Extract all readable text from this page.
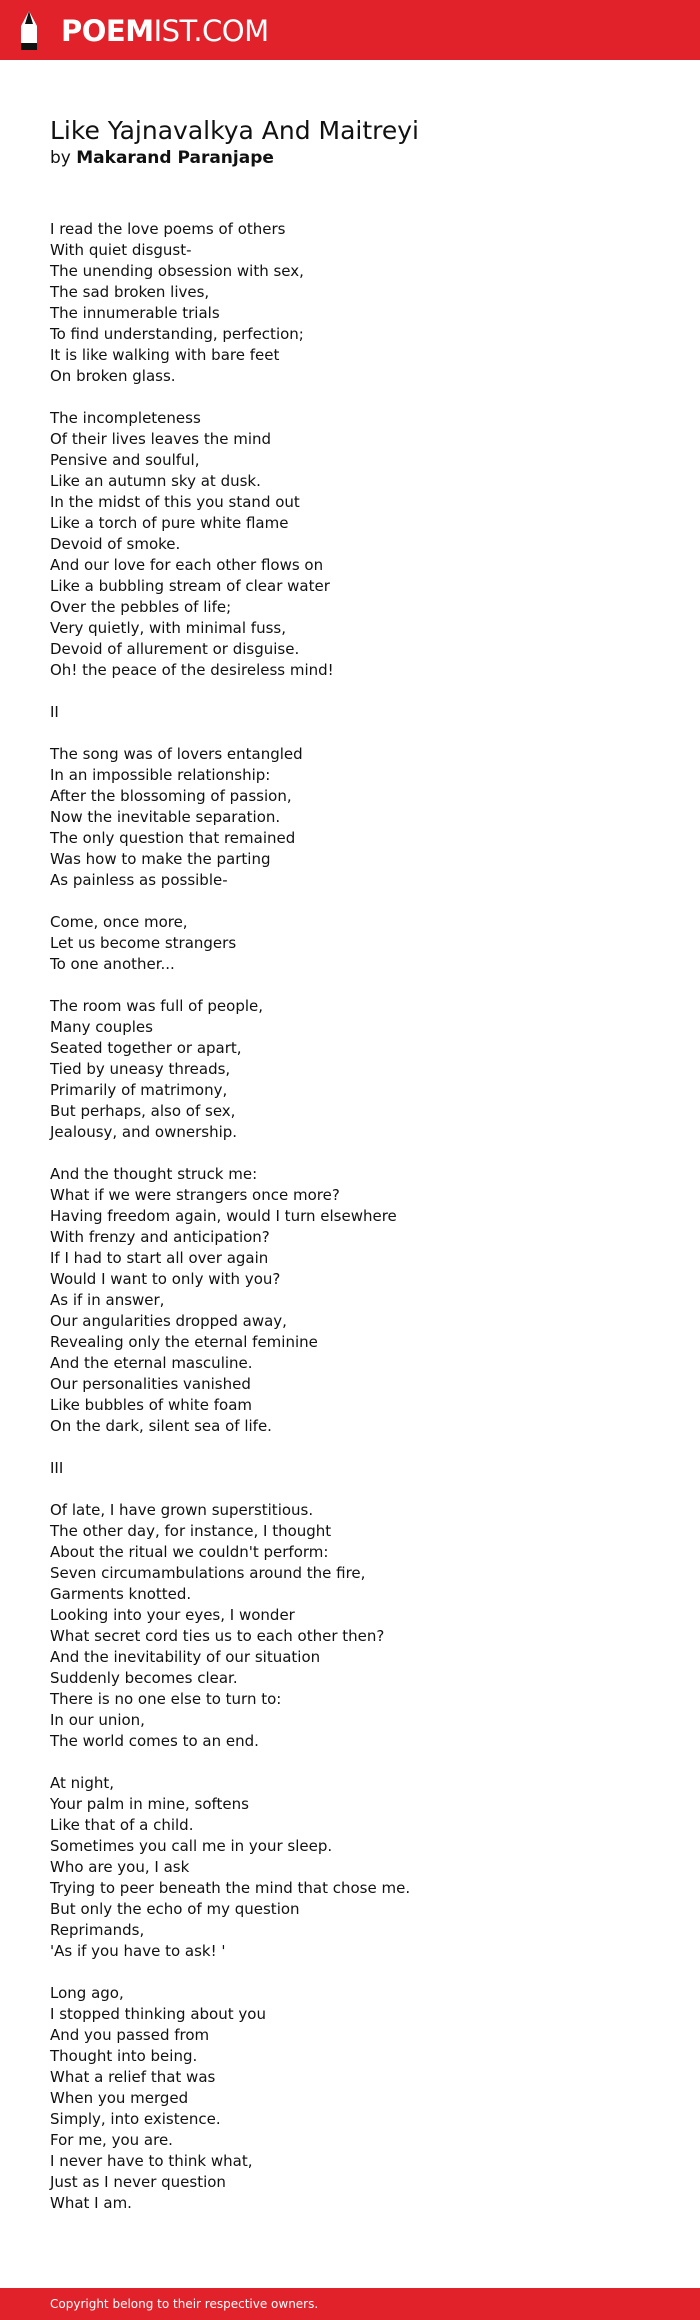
POEMIST.COM
Like Yajnavalkya And Maitreyi
by Makarand Paranjape
I read the love poems of others
With quiet disgust-
The unending obsession with sex,
The sad broken lives,
The innumerable trials
To find understanding, perfection;
It is like walking with bare feet
On broken glass.
The incompleteness
Of their lives leaves the mind
Pensive and soulful,
Like an autumn sky at dusk.
In the midst of this you stand out
Like a torch of pure white flame
Devoid of smoke.
And our love for each other flows on
Like a bubbling stream of clear water
Over the pebbles of life;
Very quietly, with minimal fuss,
Devoid of allurement or disguise.
Oh! the peace of the desireless mind!
II
The song was of lovers entangled
In an impossible relationship:
After the blossoming of passion,
Now the inevitable separation.
The only question that remained
Was how to make the parting
As painless as possible-
Come, once more,
Let us become strangers
To one another...
The room was full of people,
Many couples
Seated together or apart,
Tied by uneasy threads,
Primarily of matrimony,
But perhaps, also of sex,
Jealousy, and ownership.
And the thought struck me:
What if we were strangers once more?
Having freedom again, would I turn elsewhere
With frenzy and anticipation?
If I had to start all over again
Would I want to only with you?
As if in answer,
Our angularities dropped away,
Revealing only the eternal feminine
And the eternal masculine.
Our personalities vanished
Like bubbles of white foam
On the dark, silent sea of life.
III
Of late, I have grown superstitious.
The other day, for instance, I thought
About the ritual we couldn't perform:
Seven circumambulations around the fire,
Garments knotted.
Looking into your eyes, I wonder
What secret cord ties us to each other then?
And the inevitability of our situation
Suddenly becomes clear.
There is no one else to turn to:
In our union,
The world comes to an end.
At night,
Your palm in mine, softens
Like that of a child.
Sometimes you call me in your sleep.
Who are you, I ask
Trying to peer beneath the mind that chose me.
But only the echo of my question
Reprimands,
'As if you have to ask! '
Long ago,
I stopped thinking about you
And you passed from
Thought into being.
What a relief that was
When you merged
Simply, into existence.
For me, you are.
I never have to think what,
Just as I never question
What I am.
Copyright belong to their respective owners.
